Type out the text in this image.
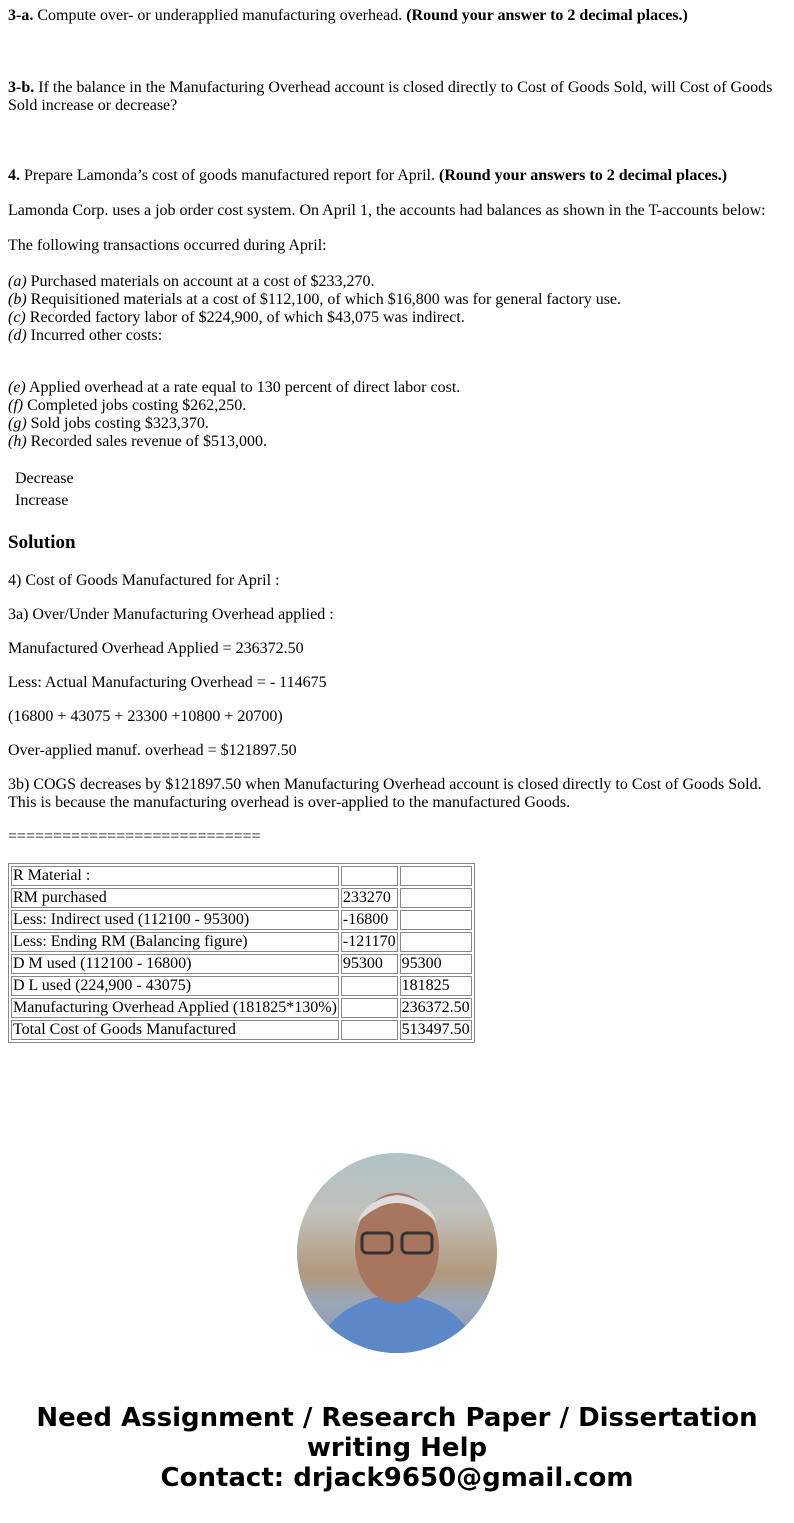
3-a. Compute over- or underapplied manufacturing overhead. (Round your answer to 2 decimal places.)
3-b. If the balance in the Manufacturing Overhead account is closed directly to Cost of Goods Sold, will Cost of Goods Sold increase or decrease?
4. Prepare Lamonda’s cost of goods manufactured report for April. (Round your answers to 2 decimal places.)
Lamonda Corp. uses a job order cost system. On April 1, the accounts had balances as shown in the T-accounts below:
The following transactions occurred during April:

(a) Purchased materials on account at a cost of $233,270.

(b) Requisitioned materials at a cost of $112,100, of which $16,800 was for general factory use.

(c) Recorded factory labor of $224,900, of which $43,075 was indirect.

(d) Incurred other costs:

(e) Applied overhead at a rate equal to 130 percent of direct labor cost.

(f) Completed jobs costing $262,250.

(g) Sold jobs costing $323,370.

(h) Recorded sales revenue of $513,000.

Decrease
Increase
Solution
4) Cost of Goods Manufactured for April :
3a) Over/Under Manufacturing Overhead applied :
Manufactured Overhead Applied = 236372.50
Less: Actual Manufacturing Overhead = - 114675
(16800 + 43075 + 23300 +10800 + 20700)
Over-applied manuf. overhead = $121897.50
3b) COGS decreases by $121897.50 when Manufacturing Overhead account is closed directly to Cost of Goods Sold. This is because the manufacturing overhead is over-applied to the manufactured Goods.
============================
R Material :		
RM purchased	233270	
Less: Indirect used (112100 - 95300)	-16800	
Less: Ending RM (Balancing figure)	-121170	
D M used (112100 - 16800)	95300	95300
D L used (224,900 - 43075)		181825
Manufacturing Overhead Applied (181825*130%)		236372.50
Total Cost of Goods Manufactured		513497.50
Need Assignment / Research Paper / Dissertation writing Help
Contact: drjack9650@gmail.com
